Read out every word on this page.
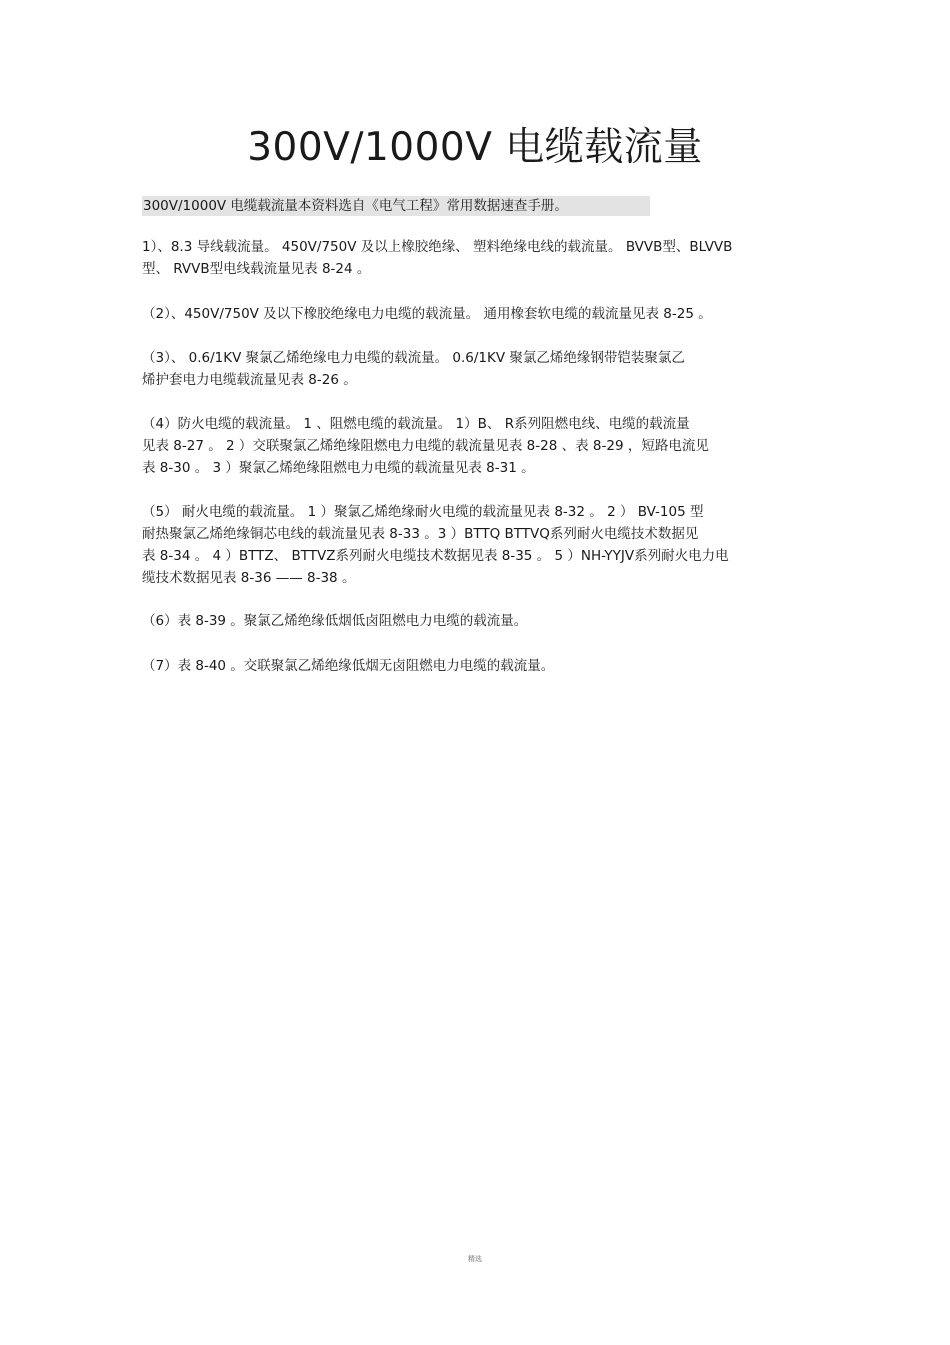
300V/1000V 电缆载流量
300V/1000V 电缆载流量本资料选自《电气工程》常用数据速查手册。
1）、8.3 导线载流量。 450V/750V 及以上橡胶绝缘、 塑料绝缘电线的载流量。 BVVB型、BLVVB
型、 RVVB型电线载流量见表 8-24 。
（2）、450V/750V 及以下橡胶绝缘电力电缆的载流量。 通用橡套软电缆的载流量见表 8-25 。
（3）、 0.6/1KV 聚氯乙烯绝缘电力电缆的载流量。 0.6/1KV 聚氯乙烯绝缘钢带铠装聚氯乙
烯护套电力电缆载流量见表 8-26 。
（4）防火电缆的载流量。 1 、阻燃电缆的载流量。 1）B、 R系列阻燃电线、电缆的载流量
见表 8-27 。 2 ）交联聚氯乙烯绝缘阻燃电力电缆的载流量见表 8-28 、表 8-29 ，短路电流见
表 8-30 。 3 ）聚氯乙烯绝缘阻燃电力电缆的载流量见表 8-31 。
（5） 耐火电缆的载流量。 1 ）聚氯乙烯绝缘耐火电缆的载流量见表 8-32 。 2 ） BV-105 型
耐热聚氯乙烯绝缘铜芯电线的载流量见表 8-33 。3 ）BTTQ BTTVQ系列耐火电缆技术数据见
表 8-34 。 4 ）BTTZ、 BTTVZ系列耐火电缆技术数据见表 8-35 。 5 ）NH-YYJV系列耐火电力电
缆技术数据见表 8-36 —— 8-38 。
（6）表 8-39 。聚氯乙烯绝缘低烟低卤阻燃电力电缆的载流量。
（7）表 8-40 。交联聚氯乙烯绝缘低烟无卤阻燃电力电缆的载流量。
精选
